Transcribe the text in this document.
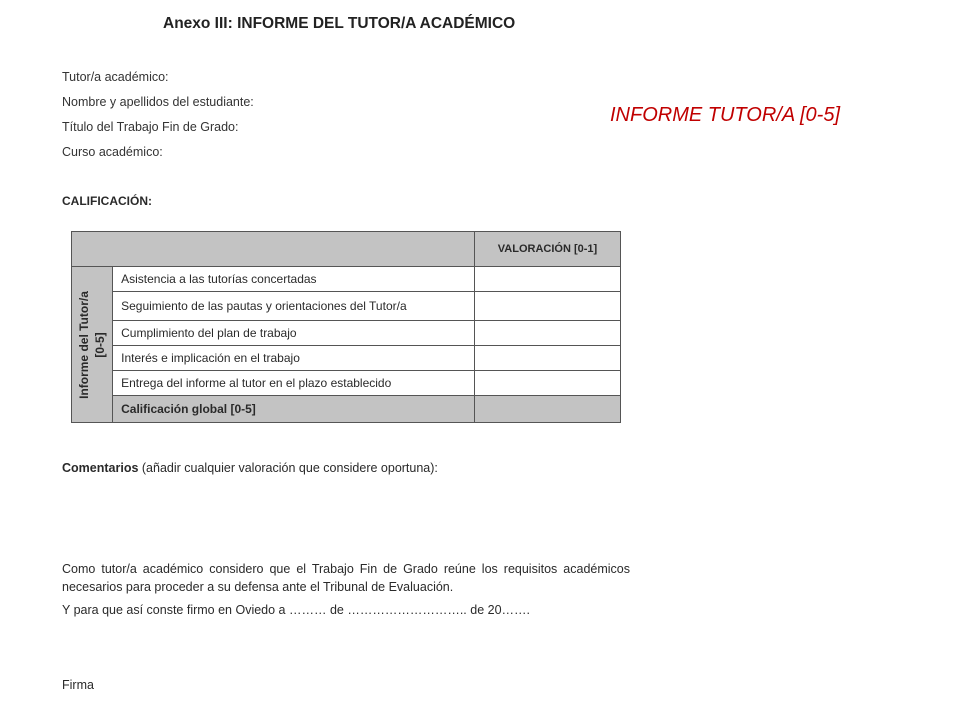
Anexo III: INFORME DEL TUTOR/A ACADÉMICO
Tutor/a académico:
Nombre y apellidos del estudiante:
Título del Trabajo Fin de Grado:
Curso académico:
INFORME TUTOR/A [0-5]
CALIFICACIÓN:
		VALORACIÓN [0-1]

Informe del Tutor/a [0-5]	Asistencia a las tutorías concertadas	
	Seguimiento de las pautas y orientaciones del Tutor/a	
	Cumplimiento del plan de trabajo	
	Interés e implicación en el trabajo	
	Entrega del informe al tutor en el plazo establecido	
	Calificación global [0-5]	
Comentarios (añadir cualquier valoración que considere oportuna):
Como tutor/a académico considero que el Trabajo Fin de Grado reúne los requisitos académicos necesarios para proceder a su defensa ante el Tribunal de Evaluación.
Y para que así conste firmo en Oviedo a ……… de ……………………….. de 20…….
Firma
